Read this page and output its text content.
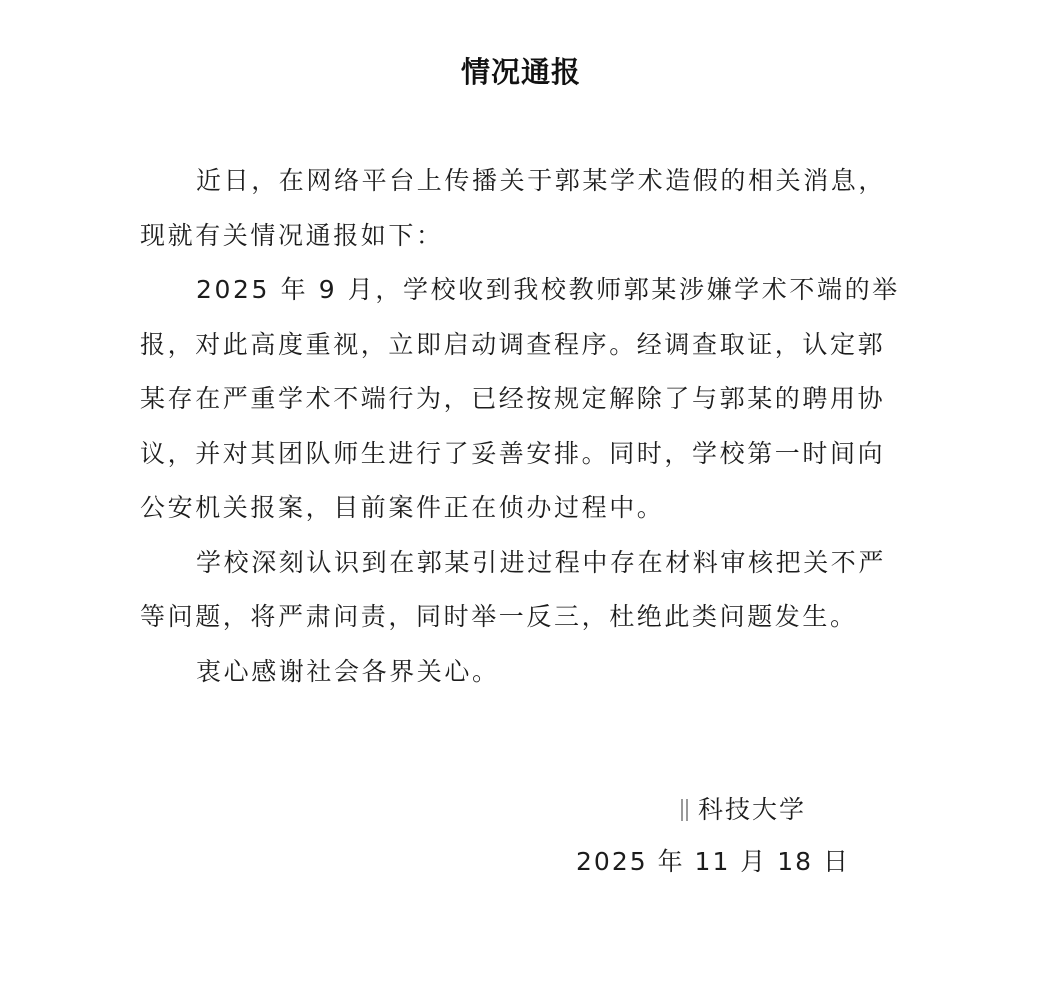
情况通报

近日，在网络平台上传播关于郭某学术造假的相关消息，现就有关情况通报如下：

2025 年 9 月，学校收到我校教师郭某涉嫌学术不端的举报，对此高度重视，立即启动调查程序。经调查取证，认定郭某存在严重学术不端行为，已经按规定解除了与郭某的聘用协议，并对其团队师生进行了妥善安排。同时，学校第一时间向公安机关报案，目前案件正在侦办过程中。

学校深刻认识到在郭某引进过程中存在材料审核把关不严等问题，将严肃问责，同时举一反三，杜绝此类问题发生。

衷心感谢社会各界关心。

科技大学
2025 年 11 月 18 日
